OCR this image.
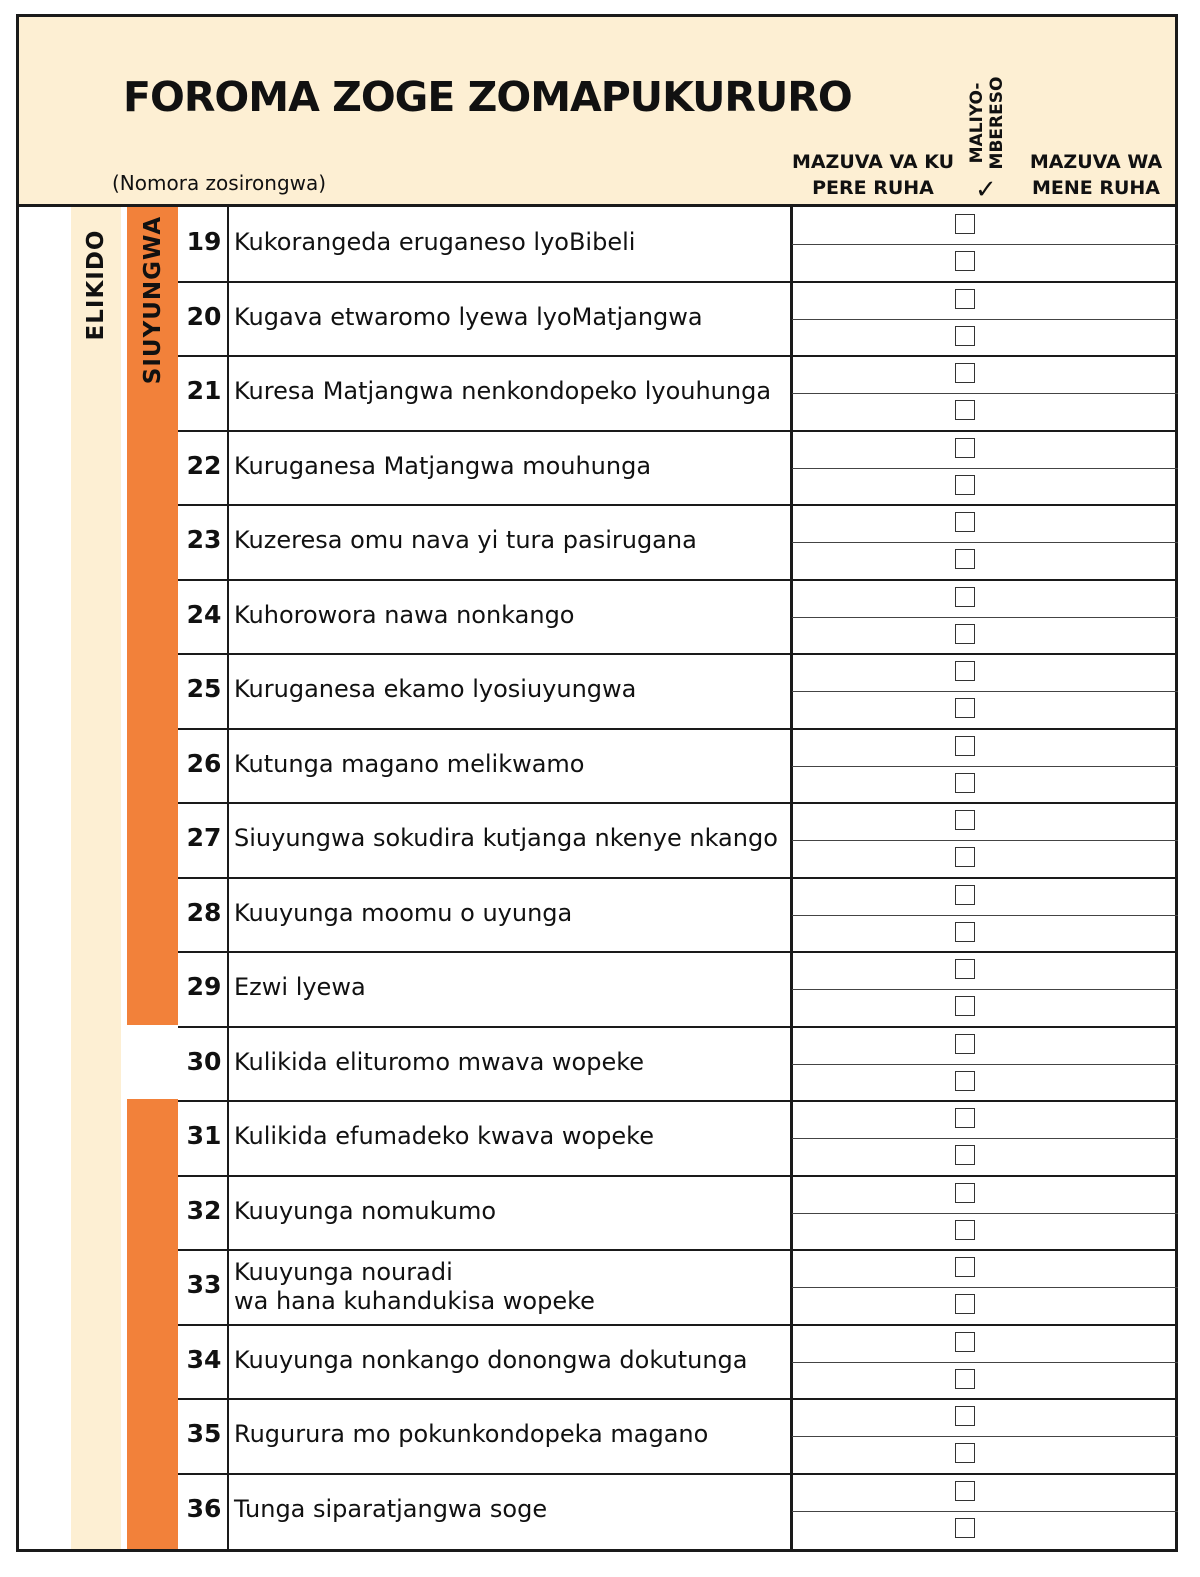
FOROMA ZOGE ZOMAPUKURURO
(Nomora zosirongwa)
MAZUVA VA KU
PERE RUHA
MALIYO-
MBERESO
✓
MAZUVA WA
MENE RUHA
ELIKIDO SIUYUNGWA 19 Kukorangeda eruganeso lyoBibeli
20 Kugava etwaromo lyewa lyoMatjangwa
21 Kuresa Matjangwa nenkondopeko lyouhunga
22 Kuruganesa Matjangwa mouhunga
23 Kuzeresa omu nava yi tura pasirugana
24 Kuhorowora nawa nonkango
25 Kuruganesa ekamo lyosiuyungwa
26 Kutunga magano melikwamo
27 Siuyungwa sokudira kutjanga nkenye nkango
28 Kuuyunga moomu o uyunga
29 Ezwi lyewa
30 Kulikida elituromo mwava wopeke
31 Kulikida efumadeko kwava wopeke
32 Kuuyunga nomukumo
33 Kuuyunga nouradi
wa hana kuhandukisa wopeke
34 Kuuyunga nonkango donongwa dokutunga
35 Rugurura mo pokunkondopeka magano
36 Tunga siparatjangwa soge
